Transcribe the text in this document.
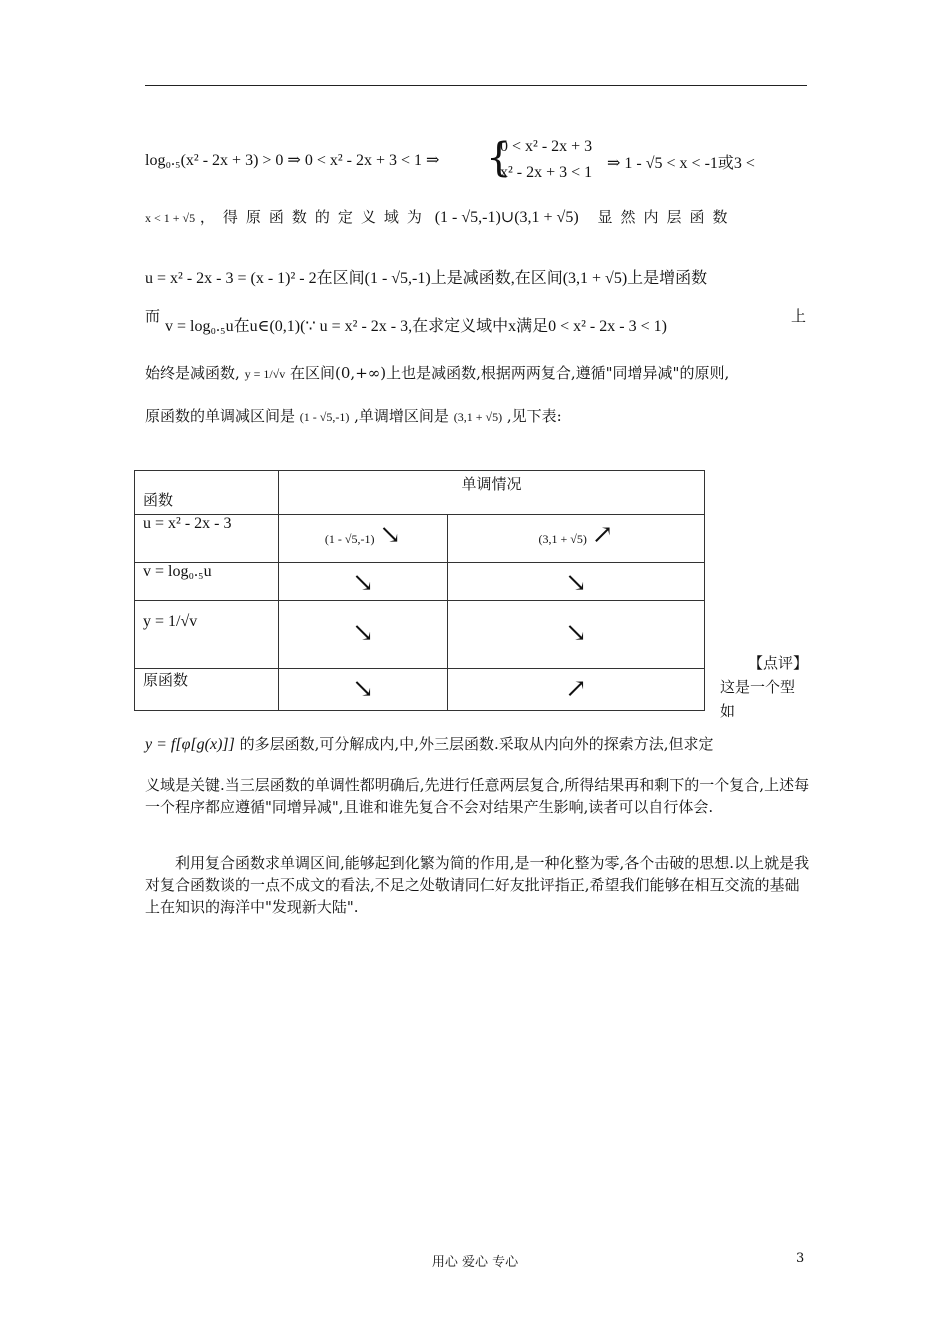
log₀.₅(x² - 2x + 3) > 0 ⇒ 0 < x² - 2x + 3 < 1 ⇒ {
0 < x² - 2x + 3
x² - 2x + 3 < 1
⇒ 1 - √5 < x < -1或3 <
x < 1 + √5 ，得原函数的定义域为 (1 - √5,-1)∪(3,1 + √5) 显然内层函数
u = x² - 2x - 3 = (x - 1)² - 2在区间(1 - √5,-1)上是减函数,在区间(3,1 + √5)上是增函数
而
v = log₀.₅u在u∈(0,1)(∵ u = x² - 2x - 3,在求定义域中x满足0 < x² - 2x - 3 < 1)
上
始终是减函数, y = 1/√v 在区间(0,+∞)上也是减函数,根据两两复合,遵循"同增异减"的原则,
原函数的单调减区间是 (1 - √5,-1) ,单调增区间是 (3,1 + √5) ,见下表:
函数	单调情况	
u = x² - 2x - 3	(1 - √5,-1) ↘	(3,1 + √5) ↗
v = log₀.₅u	↘	↘
y = 1/√v	↘	↘
原函数	↘	↗
【点评】
这是一个型
如
y = f[φ[g(x)]] 的多层函数,可分解成内,中,外三层函数.采取从内向外的探索方法,但求定
义域是关键.当三层函数的单调性都明确后,先进行任意两层复合,所得结果再和剩下的一个复合,上述每一个程序都应遵循"同增异减",且谁和谁先复合不会对结果产生影响,读者可以自行体会.
利用复合函数求单调区间,能够起到化繁为简的作用,是一种化整为零,各个击破的思想.以上就是我对复合函数谈的一点不成文的看法,不足之处敬请同仁好友批评指正,希望我们能够在相互交流的基础上在知识的海洋中"发现新大陆".
用心 爱心 专心	3
